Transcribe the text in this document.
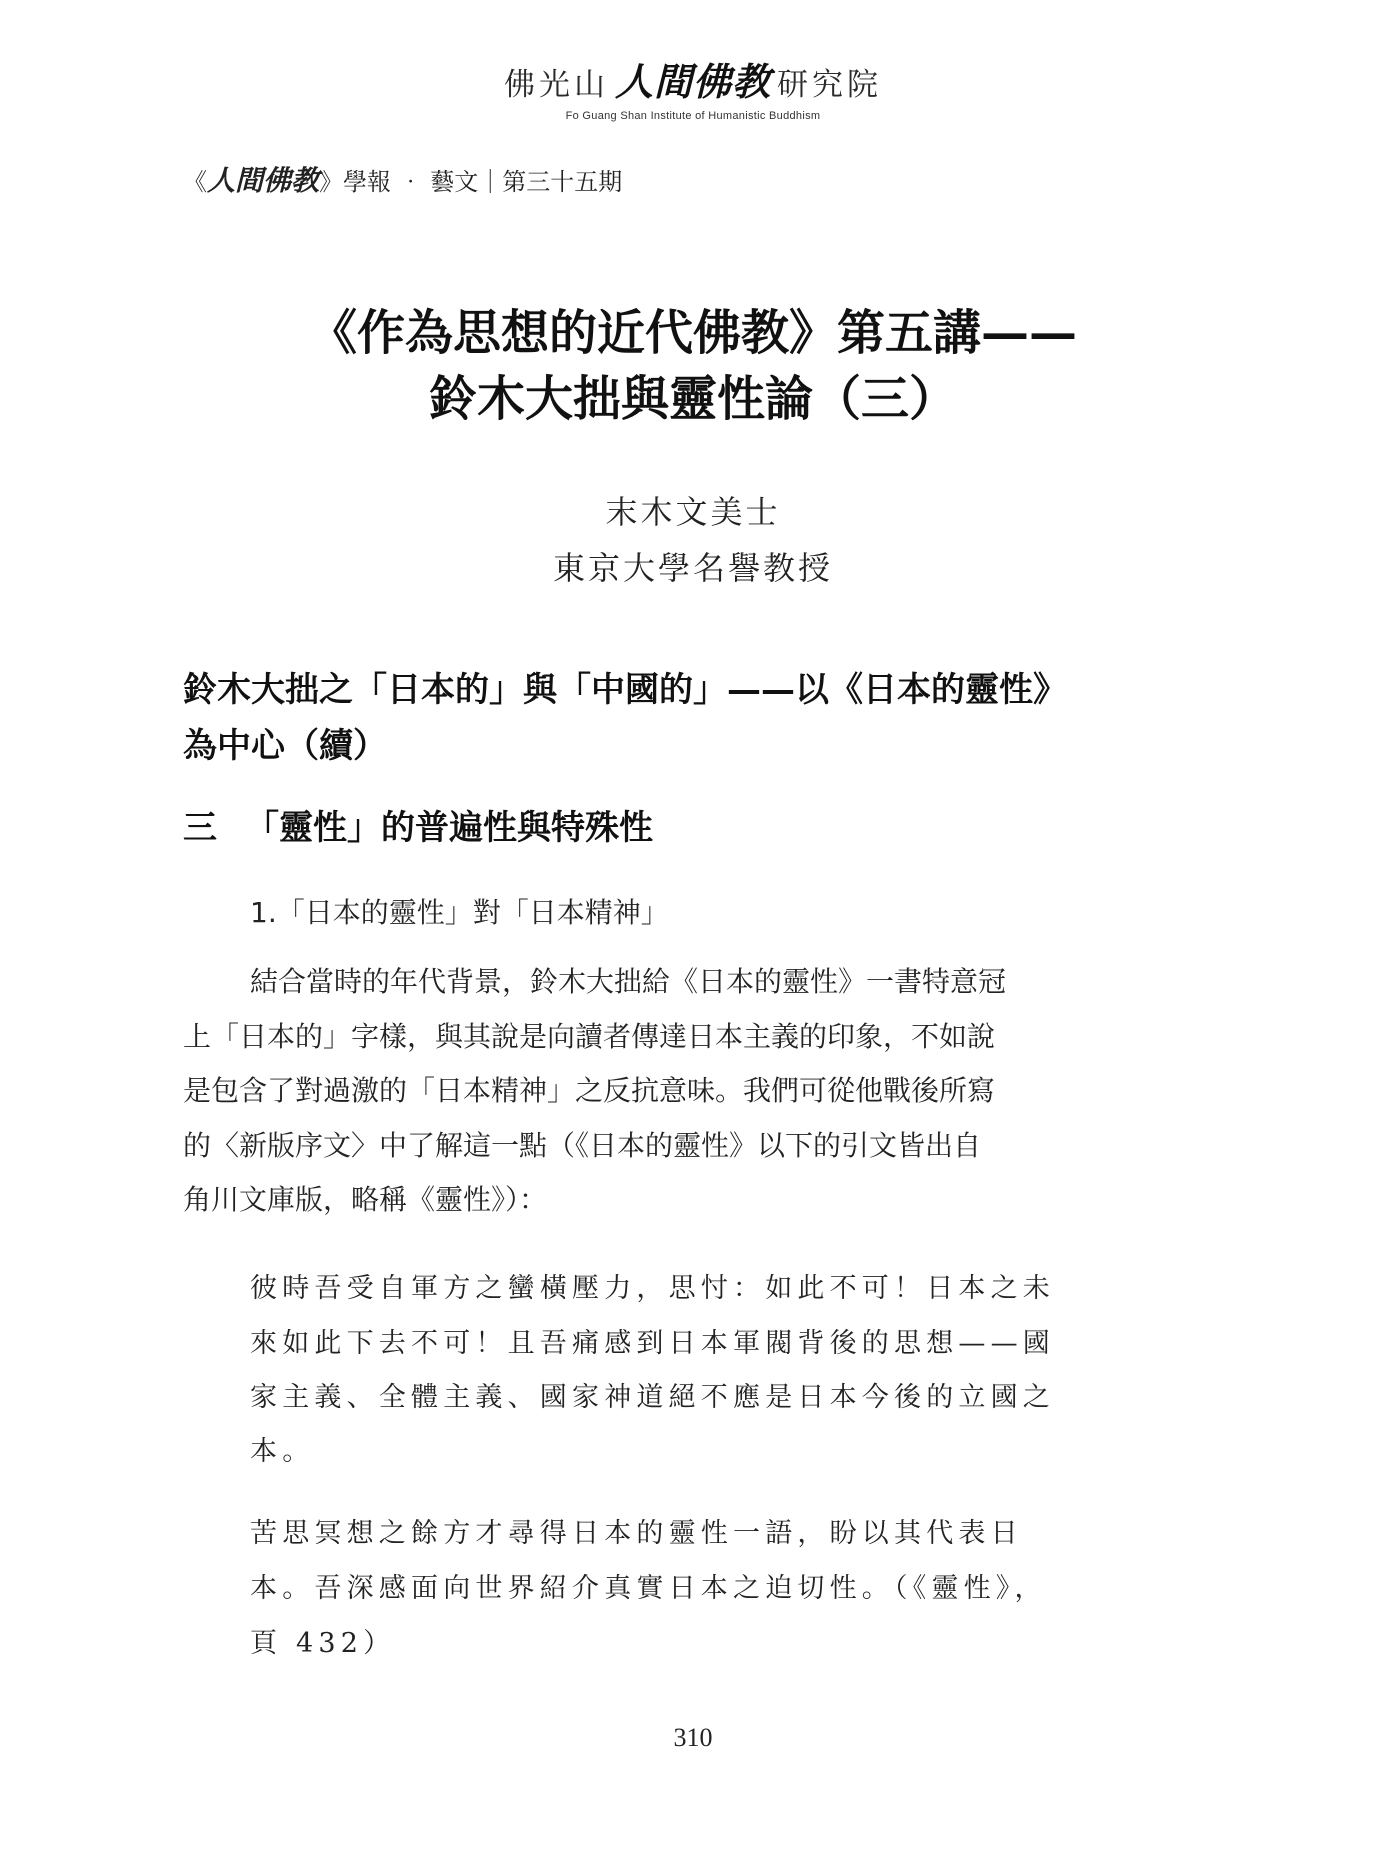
佛光山 人間佛教 研究院
Fo Guang Shan Institute of Humanistic Buddhism
《人間佛教》學報 ‧ 藝文｜第三十五期
《作為思想的近代佛教》第五講——
鈴木大拙與靈性論（三）
末木文美士
東京大學名譽教授
鈴木大拙之「日本的」與「中國的」——以《日本的靈性》
為中心（續）
三 「靈性」的普遍性與特殊性
1.「日本的靈性」對「日本精神」
結合當時的年代背景，鈴木大拙給《日本的靈性》一書特意冠
上「日本的」字樣，與其說是向讀者傳達日本主義的印象，不如說
是包含了對過激的「日本精神」之反抗意味。我們可從他戰後所寫
的〈新版序文〉中了解這一點（《日本的靈性》以下的引文皆出自
角川文庫版，略稱《靈性》）：
彼時吾受自軍方之蠻橫壓力，思忖：如此不可！日本之未
來如此下去不可！且吾痛感到日本軍閥背後的思想——國
家主義、全體主義、國家神道絕不應是日本今後的立國之
本。
苦思冥想之餘方才尋得日本的靈性一語，盼以其代表日
本。吾深感面向世界紹介真實日本之迫切性。（《靈性》，
頁 432）
310
